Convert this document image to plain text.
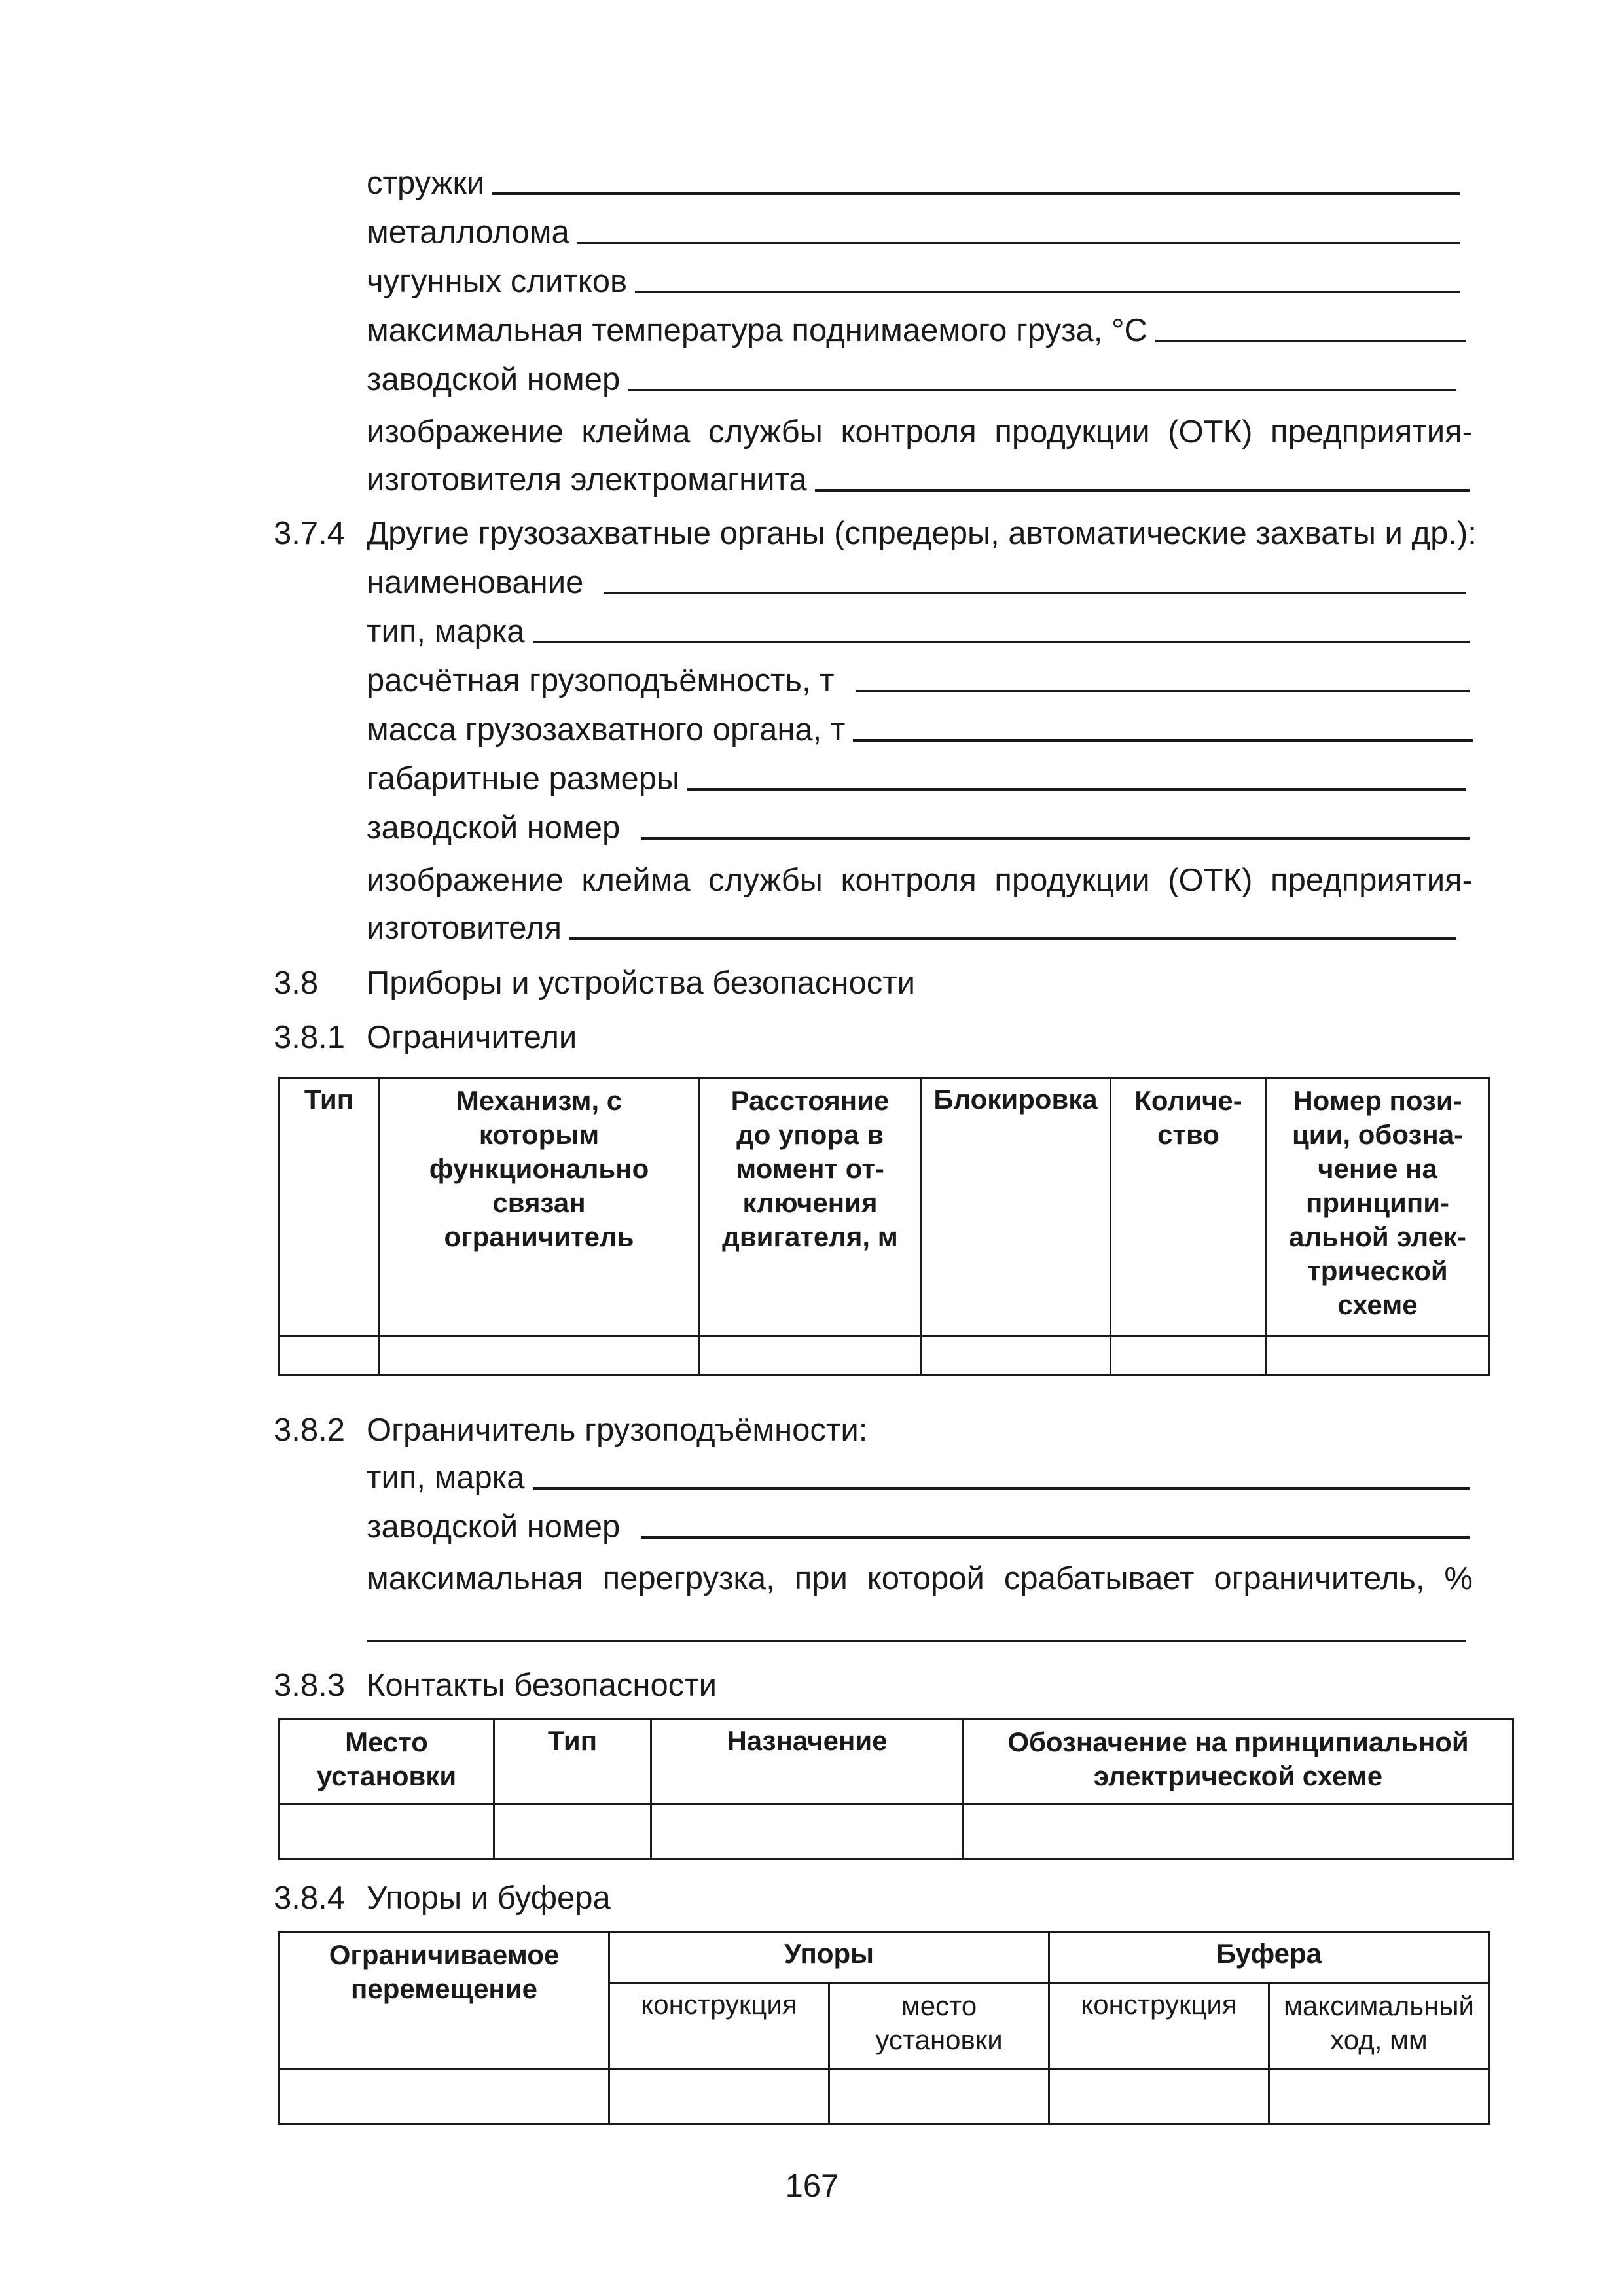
стружки
металлолома
чугунных слитков
максимальная температура поднимаемого груза, °C
заводской номер
изображение клейма службы контроля продукции (ОТК) предприятия-
изготовителя электромагнита
3.7.4 Другие грузозахватные органы (спредеры, автоматические захваты и др.):
наименование
тип, марка
расчётная грузоподъёмность, т
масса грузозахватного органа, т
габаритные размеры
заводской номер
изображение клейма службы контроля продукции (ОТК) предприятия-
изготовителя
3.8 Приборы и устройства безопасности
3.8.1 Ограничители
Тип	Механизм, с которым функционально связан ограничитель	Расстояние до упора в момент от-ключения двигателя, м	Блокировка	Количе-ство	Номер пози-ции, обозна-чение на принципи-альной элек-трической схеме

3.8.2 Ограничитель грузоподъёмности:
тип, марка
заводской номер
максимальная перегрузка, при которой срабатывает ограничитель, %
3.8.3 Контакты безопасности
Место установки	Тип	Назначение	Обозначение на принципиальной электрической схеме

3.8.4 Упоры и буфера
Ограничиваемое перемещение	Упоры		Буфера	
	конструкция	место установки	конструкция	максимальный ход, мм

167
